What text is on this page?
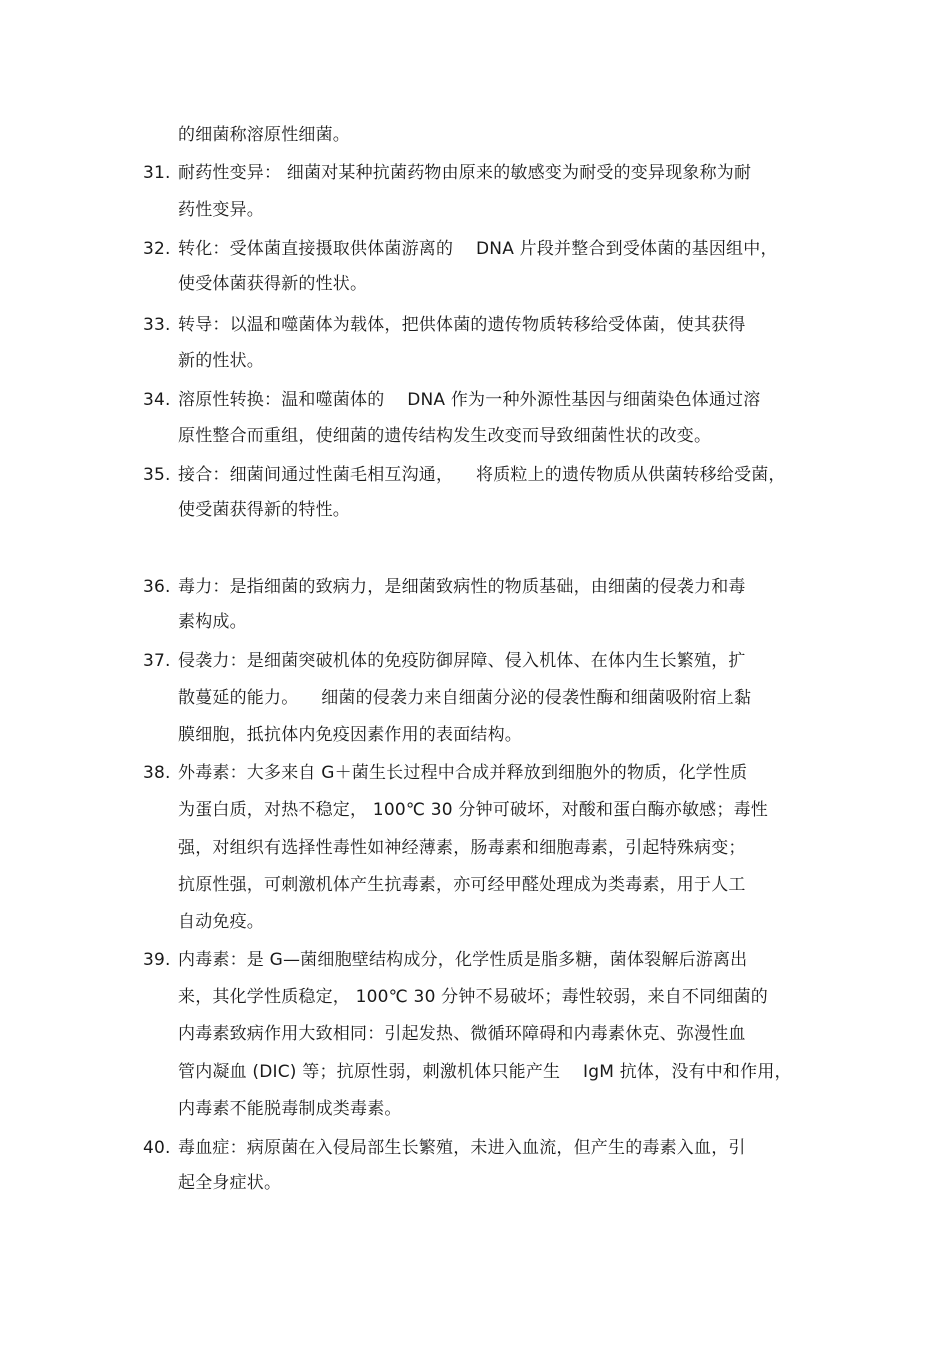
的细菌称溶原性细菌。
31. 耐药性变异： 细菌对某种抗菌药物由原来的敏感变为耐受的变异现象称为耐
药性变异。
32. 转化：受体菌直接摄取供体菌游离的 　DNA 片段并整合到受体菌的基因组中，
使受体菌获得新的性状。
33. 转导：以温和噬菌体为载体，把供体菌的遗传物质转移给受体菌，使其获得
新的性状。
34. 溶原性转换：温和噬菌体的 　DNA 作为一种外源性基因与细菌染色体通过溶
原性整合而重组，使细菌的遗传结构发生改变而导致细菌性状的改变。
35. 接合：细菌间通过性菌毛相互沟通， 　将质粒上的遗传物质从供菌转移给受菌，
使受菌获得新的特性。
36. 毒力：是指细菌的致病力，是细菌致病性的物质基础，由细菌的侵袭力和毒
素构成。
37. 侵袭力：是细菌突破机体的免疫防御屏障、侵入机体、在体内生长繁殖，扩
散蔓延的能力。 　细菌的侵袭力来自细菌分泌的侵袭性酶和细菌吸附宿上黏
膜细胞，抵抗体内免疫因素作用的表面结构。
38. 外毒素：大多来自 G＋菌生长过程中合成并释放到细胞外的物质，化学性质
为蛋白质，对热不稳定， 100℃ 30 分钟可破坏，对酸和蛋白酶亦敏感；毒性
强，对组织有选择性毒性如神经薄素，肠毒素和细胞毒素，引起特殊病变；
抗原性强，可刺激机体产生抗毒素，亦可经甲醛处理成为类毒素，用于人工
自动免疫。
39. 内毒素：是 G—菌细胞壁结构成分，化学性质是脂多糖，菌体裂解后游离出
来，其化学性质稳定， 100℃ 30 分钟不易破坏；毒性较弱，来自不同细菌的
内毒素致病作用大致相同：引起发热、微循环障碍和内毒素休克、弥漫性血
管内凝血 (DIC) 等；抗原性弱，刺激机体只能产生 　IgM 抗体，没有中和作用，
内毒素不能脱毒制成类毒素。
40. 毒血症：病原菌在入侵局部生长繁殖，未进入血流，但产生的毒素入血，引
起全身症状。
